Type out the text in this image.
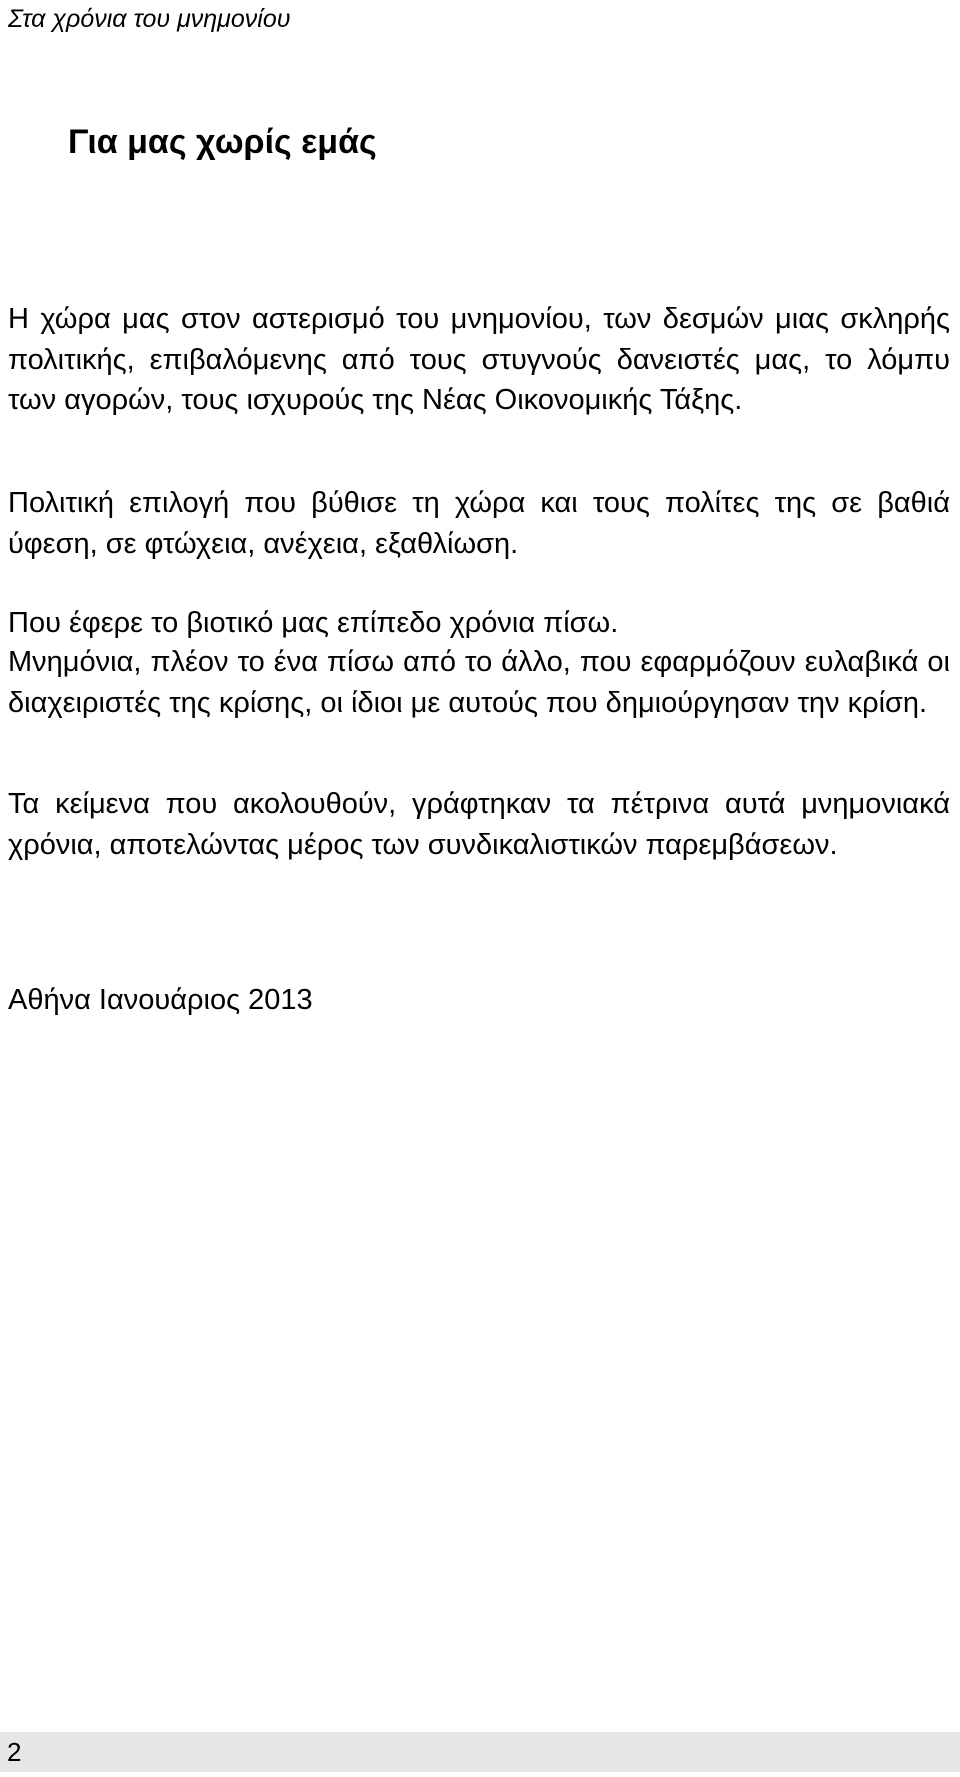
Στα χρόνια του μνημονίου
Για μας χωρίς εμάς

Η χώρα μας στον αστερισμό του μνημονίου, των δεσμών μιας σκληρής πολιτικής, επιβαλόμενης από τους στυγνούς δανειστές μας, το λόμπυ των αγορών, τους ισχυρούς της Νέας Οικονομικής Τάξης.

Πολιτική επιλογή που βύθισε τη χώρα και τους πολίτες της σε βαθιά ύφεση, σε φτώχεια, ανέχεια, εξαθλίωση.

Που έφερε το βιοτικό μας επίπεδο χρόνια πίσω.

Μνημόνια, πλέον το ένα πίσω από το άλλο, που εφαρμόζουν ευλαβικά οι διαχειριστές της κρίσης, οι ίδιοι με αυτούς που δημιούργησαν την κρίση.

Τα κείμενα που ακολουθούν, γράφτηκαν τα πέτρινα αυτά μνημονιακά χρόνια, αποτελώντας μέρος των συνδικαλιστικών παρεμβάσεων.

Αθήνα Ιανουάριος 2013

2
